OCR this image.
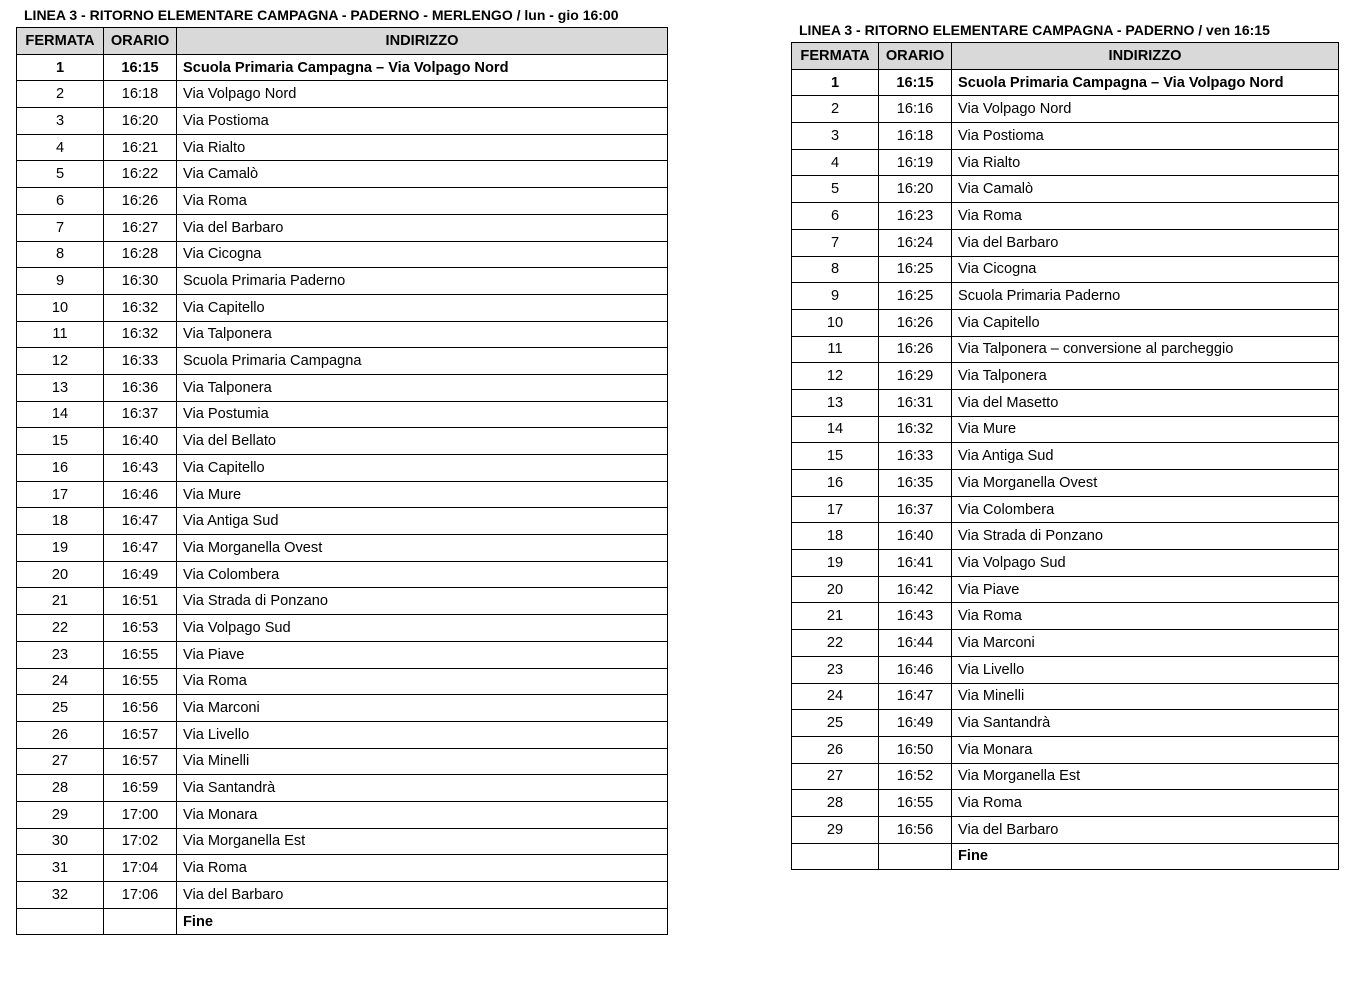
LINEA 3 - RITORNO ELEMENTARE CAMPAGNA - PADERNO - MERLENGO / lun - gio 16:00
FERMATA	ORARIO	INDIRIZZO
1	16:15	Scuola Primaria Campagna – Via Volpago Nord
2	16:18	Via Volpago Nord
3	16:20	Via Postioma
4	16:21	Via Rialto
5	16:22	Via Camalò
6	16:26	Via Roma
7	16:27	Via del Barbaro
8	16:28	Via Cicogna
9	16:30	Scuola Primaria Paderno
10	16:32	Via Capitello
11	16:32	Via Talponera
12	16:33	Scuola Primaria Campagna
13	16:36	Via Talponera
14	16:37	Via Postumia
15	16:40	Via del Bellato
16	16:43	Via Capitello
17	16:46	Via Mure
18	16:47	Via Antiga Sud
19	16:47	Via Morganella Ovest
20	16:49	Via Colombera
21	16:51	Via Strada di Ponzano
22	16:53	Via Volpago Sud
23	16:55	Via Piave
24	16:55	Via Roma
25	16:56	Via Marconi
26	16:57	Via Livello
27	16:57	Via Minelli
28	16:59	Via Santandrà
29	17:00	Via Monara
30	17:02	Via Morganella Est
31	17:04	Via Roma
32	17:06	Via del Barbaro
		Fine
LINEA 3 - RITORNO ELEMENTARE CAMPAGNA - PADERNO / ven 16:15
FERMATA	ORARIO	INDIRIZZO
1	16:15	Scuola Primaria Campagna – Via Volpago Nord
2	16:16	Via Volpago Nord
3	16:18	Via Postioma
4	16:19	Via Rialto
5	16:20	Via Camalò
6	16:23	Via Roma
7	16:24	Via del Barbaro
8	16:25	Via Cicogna
9	16:25	Scuola Primaria Paderno
10	16:26	Via Capitello
11	16:26	Via Talponera – conversione al parcheggio
12	16:29	Via Talponera
13	16:31	Via del Masetto
14	16:32	Via Mure
15	16:33	Via Antiga Sud
16	16:35	Via Morganella Ovest
17	16:37	Via Colombera
18	16:40	Via Strada di Ponzano
19	16:41	Via Volpago Sud
20	16:42	Via Piave
21	16:43	Via Roma
22	16:44	Via Marconi
23	16:46	Via Livello
24	16:47	Via Minelli
25	16:49	Via Santandrà
26	16:50	Via Monara
27	16:52	Via Morganella Est
28	16:55	Via Roma
29	16:56	Via del Barbaro
		Fine
